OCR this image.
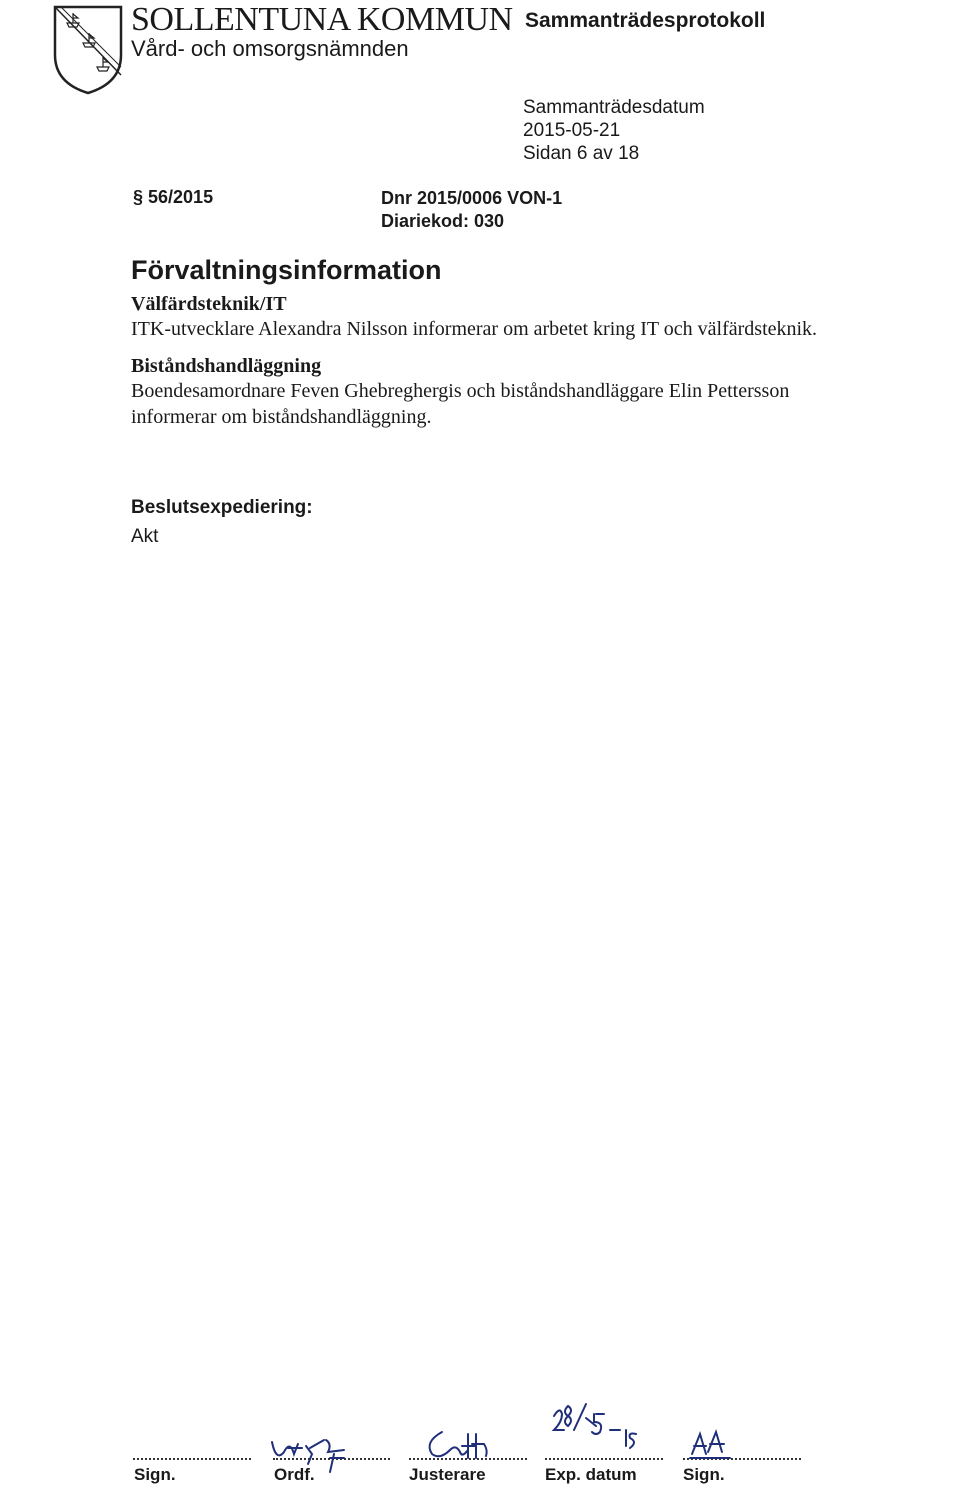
SOLLENTUNA KOMMUN Sammanträdesprotokoll
Vård- och omsorgsnämnden
Sammanträdesdatum
2015-05-21
Sidan 6 av 18
§ 56/2015	Dnr 2015/0006 VON-1
Diariekod: 030
Förvaltningsinformation
Välfärdsteknik/IT

ITK-utvecklare Alexandra Nilsson informerar om arbetet kring IT och välfärdsteknik.

Biståndshandläggning

Boendesamordnare Feven Ghebreghergis och biståndshandläggare Elin Pettersson informerar om biståndshandläggning.

Beslutsexpediering:
Akt
Sign.	Ordf.	Justerare	Exp. datum	Sign.
